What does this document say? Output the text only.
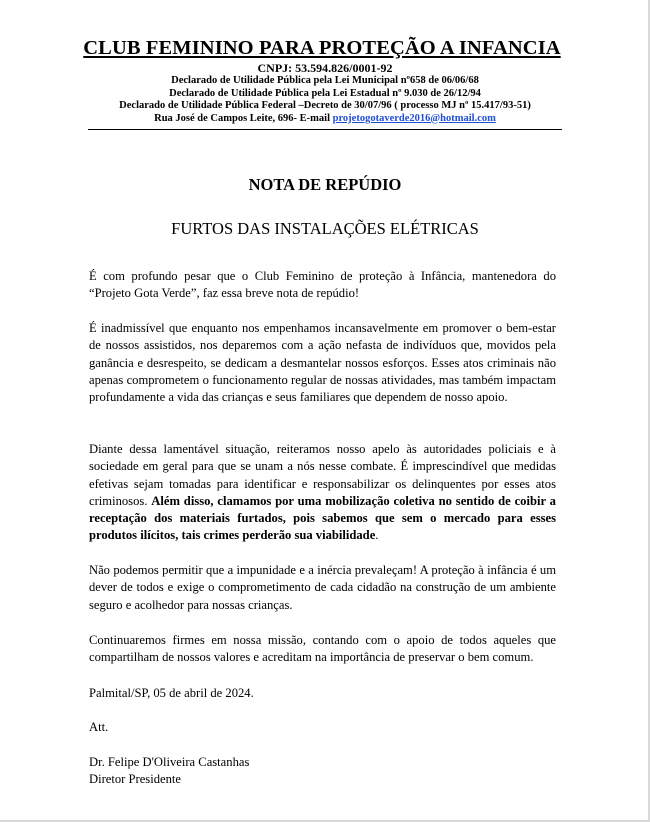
CLUB FEMININO PARA PROTEÇÃO A INFANCIA
CNPJ: 53.594.826/0001-92
Declarado de Utilidade Pública pela Lei Municipal nº658 de 06/06/68
Declarado de Utilidade Pública pela Lei Estadual nº 9.030 de 26/12/94
Declarado de Utilidade Pública Federal –Decreto de 30/07/96 ( processo MJ nº 15.417/93-51)
Rua José de Campos Leite, 696- E-mail projetogotaverde2016@hotmail.com
NOTA DE REPÚDIO
FURTOS DAS INSTALAÇÕES ELÉTRICAS
É com profundo pesar que o Club Feminino de proteção à Infância, mantenedora do “Projeto Gota Verde”, faz essa breve nota de repúdio!
É inadmissível que enquanto nos empenhamos incansavelmente em promover o bem-estar de nossos assistidos, nos deparemos com a ação nefasta de indivíduos que, movidos pela ganância e desrespeito, se dedicam a desmantelar nossos esforços. Esses atos criminais não apenas comprometem o funcionamento regular de nossas atividades, mas também impactam profundamente a vida das crianças e seus familiares que dependem de nosso apoio.
Diante dessa lamentável situação, reiteramos nosso apelo às autoridades policiais e à sociedade em geral para que se unam a nós nesse combate. É imprescindível que medidas efetivas sejam tomadas para identificar e responsabilizar os delinquentes por esses atos criminosos. Além disso, clamamos por uma mobilização coletiva no sentido de coibir a receptação dos materiais furtados, pois sabemos que sem o mercado para esses produtos ilícitos, tais crimes perderão sua viabilidade.
Não podemos permitir que a impunidade e a inércia prevaleçam! A proteção à infância é um dever de todos e exige o comprometimento de cada cidadão na construção de um ambiente seguro e acolhedor para nossas crianças.
Continuaremos firmes em nossa missão, contando com o apoio de todos aqueles que compartilham de nossos valores e acreditam na importância de preservar o bem comum.
Palmital/SP, 05 de abril de 2024.
Att.
Dr. Felipe D'Oliveira Castanhas
Diretor Presidente
